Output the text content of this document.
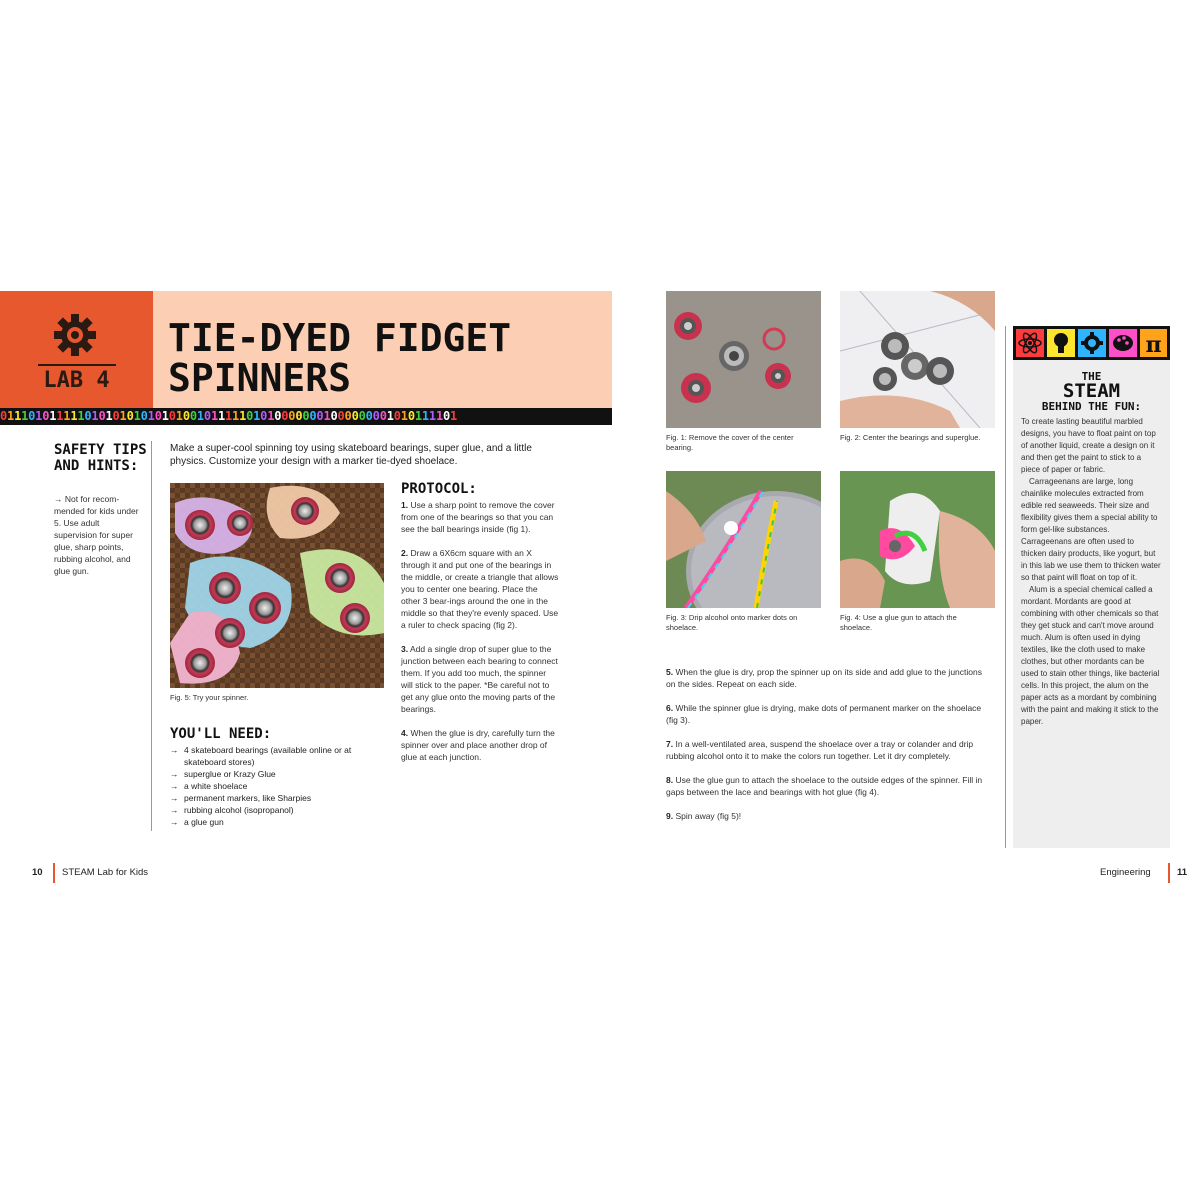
LAB 4
TIE-DYED FIDGET
SPINNERS
01110101111101010101010101001011111010100000001000000001010111101
SAFETY TIPS AND HINTS:
→ Not for recom-mended for kids under 5. Use adult supervision for super glue, sharp points, rubbing alcohol, and glue gun.
Make a super-cool spinning toy using skateboard bearings, super glue, and a little physics. Customize your design with a marker tie-dyed shoelace.
Fig. 5: Try your spinner.
YOU'LL NEED:
→ 4 skateboard bearings (available online or at skateboard stores)
→ superglue or Krazy Glue
→ a white shoelace
→ permanent markers, like Sharpies
→ rubbing alcohol (isopropanol)
→ a glue gun
PROTOCOL:

1. Use a sharp point to remove the cover from one of the bearings so that you can see the ball bearings inside (fig 1).

2. Draw a 6X6cm square with an X through it and put one of the bearings in the middle, or create a triangle that allows you to center one bearing. Place the other 3 bear-ings around the one in the middle so that they're evenly spaced. Use a ruler to check spacing (fig 2).

3. Add a single drop of super glue to the junction between each bearing to connect them. If you add too much, the spinner will stick to the paper. *Be careful not to get any glue onto the moving parts of the bearings.

4. When the glue is dry, carefully turn the spinner over and place another drop of glue at each junction.

Fig. 1: Remove the cover of the center bearing.
Fig. 2: Center the bearings and superglue.
Fig. 3: Drip alcohol onto marker dots on shoelace.
Fig. 4: Use a glue gun to attach the shoelace.

5. When the glue is dry, prop the spinner up on its side and add glue to the junctions on the sides. Repeat on each side.

6. While the spinner glue is drying, make dots of permanent marker on the shoelace (fig 3).

7. In a well-ventilated area, suspend the shoelace over a tray or colander and drip rubbing alcohol onto it to make the colors run together. Let it dry completely.

8. Use the glue gun to attach the shoelace to the outside edges of the spinner. Fill in gaps between the lace and bearings with hot glue (fig 4).

9. Spin away (fig 5)!

π
THE
STEAM
BEHIND THE FUN:

To create lasting beautiful marbled designs, you have to float paint on top of another liquid, create a design on it and then get the paint to stick to a piece of paper or fabric.

Carrageenans are large, long chainlike molecules extracted from edible red seaweeds. Their size and flexibility gives them a special ability to form gel-like substances. Carrageenans are often used to thicken dairy products, like yogurt, but in this lab we use them to thicken water so that paint will float on top of it.

Alum is a special chemical called a mordant. Mordants are good at combining with other chemicals so that they get stuck and can't move around much. Alum is often used in dying textiles, like the cloth used to make clothes, but other mordants can be used to stain other things, like bacterial cells. In this project, the alum on the paper acts as a mordant by combining with the paint and making it stick to the paper.

10 STEAM Lab for Kids	Engineering	11
